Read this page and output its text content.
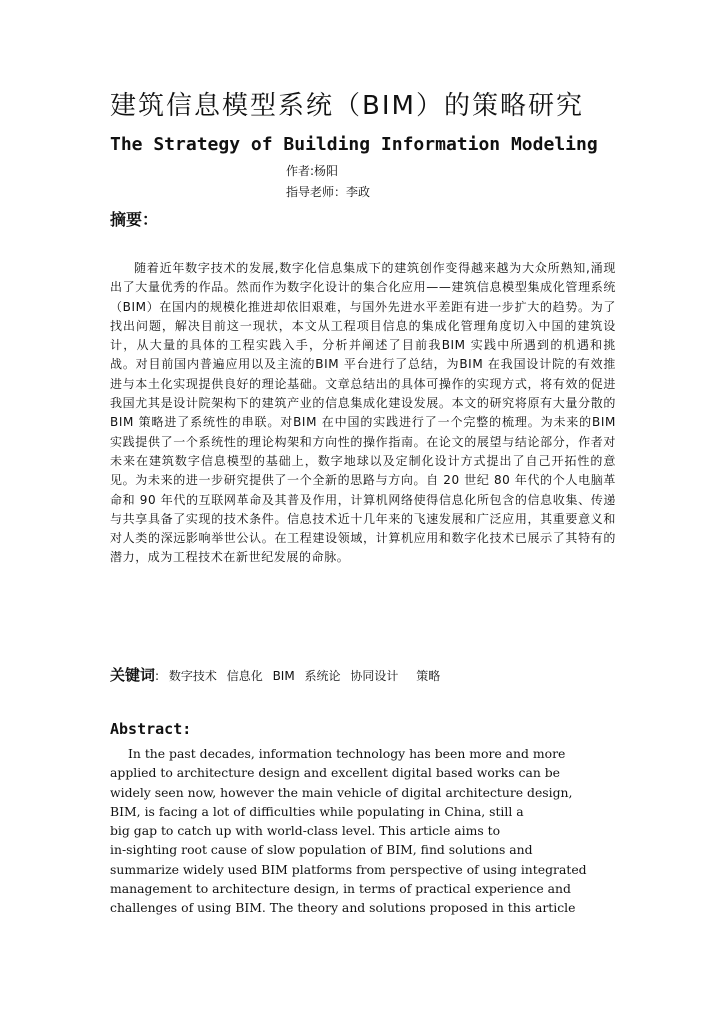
建筑信息模型系统（BIM）的策略研究
The Strategy of Building Information Modeling

作者:杨阳

指导老师：李政

摘要：

随着近年数字技术的发展,数字化信息集成下的建筑创作变得越来越为大众所熟知,涌现出了大量优秀的作品。然而作为数字化设计的集合化应用——建筑信息模型集成化管理系统（BIM）在国内的规模化推进却依旧艰难，与国外先进水平差距有进一步扩大的趋势。为了找出问题，解决目前这一现状，本文从工程项目信息的集成化管理角度切入中国的建筑设计，从大量的具体的工程实践入手，分析并阐述了目前我BIM 实践中所遇到的机遇和挑战。对目前国内普遍应用以及主流的BIM 平台进行了总结，为BIM 在我国设计院的有效推进与本土化实现提供良好的理论基础。文章总结出的具体可操作的实现方式，将有效的促进我国尤其是设计院架构下的建筑产业的信息集成化建设发展。本文的研究将原有大量分散的 BIM 策略进了系统性的串联。对BIM 在中国的实践进行了一个完整的梳理。为未来的BIM 实践提供了一个系统性的理论构架和方向性的操作指南。在论文的展望与结论部分，作者对未来在建筑数字信息模型的基础上，数字地球以及定制化设计方式提出了自己开拓性的意见。为未来的进一步研究提供了一个全新的思路与方向。自 20 世纪 80 年代的个人电脑革命和 90 年代的互联网革命及其普及作用，计算机网络使得信息化所包含的信息收集、传递与共享具备了实现的技术条件。信息技术近十几年来的飞速发展和广泛应用，其重要意义和对人类的深远影响举世公认。在工程建设领域，计算机应用和数字化技术已展示了其特有的潜力，成为工程技术在新世纪发展的命脉。

关键词: 数字技术 信息化 BIM 系统论 协同设计 策略

Abstract:
In the past decades, information technology has been more and more
applied to architecture design and excellent digital based works can be
widely seen now, however the main vehicle of digital architecture design,
BIM, is facing a lot of difficulties while populating in China, still a
big gap to catch up with world-class level. This article aims to
in-sighting root cause of slow population of BIM, find solutions and
summarize widely used BIM platforms from perspective of using integrated
management to architecture design, in terms of practical experience and
challenges of using BIM. The theory and solutions proposed in this article
